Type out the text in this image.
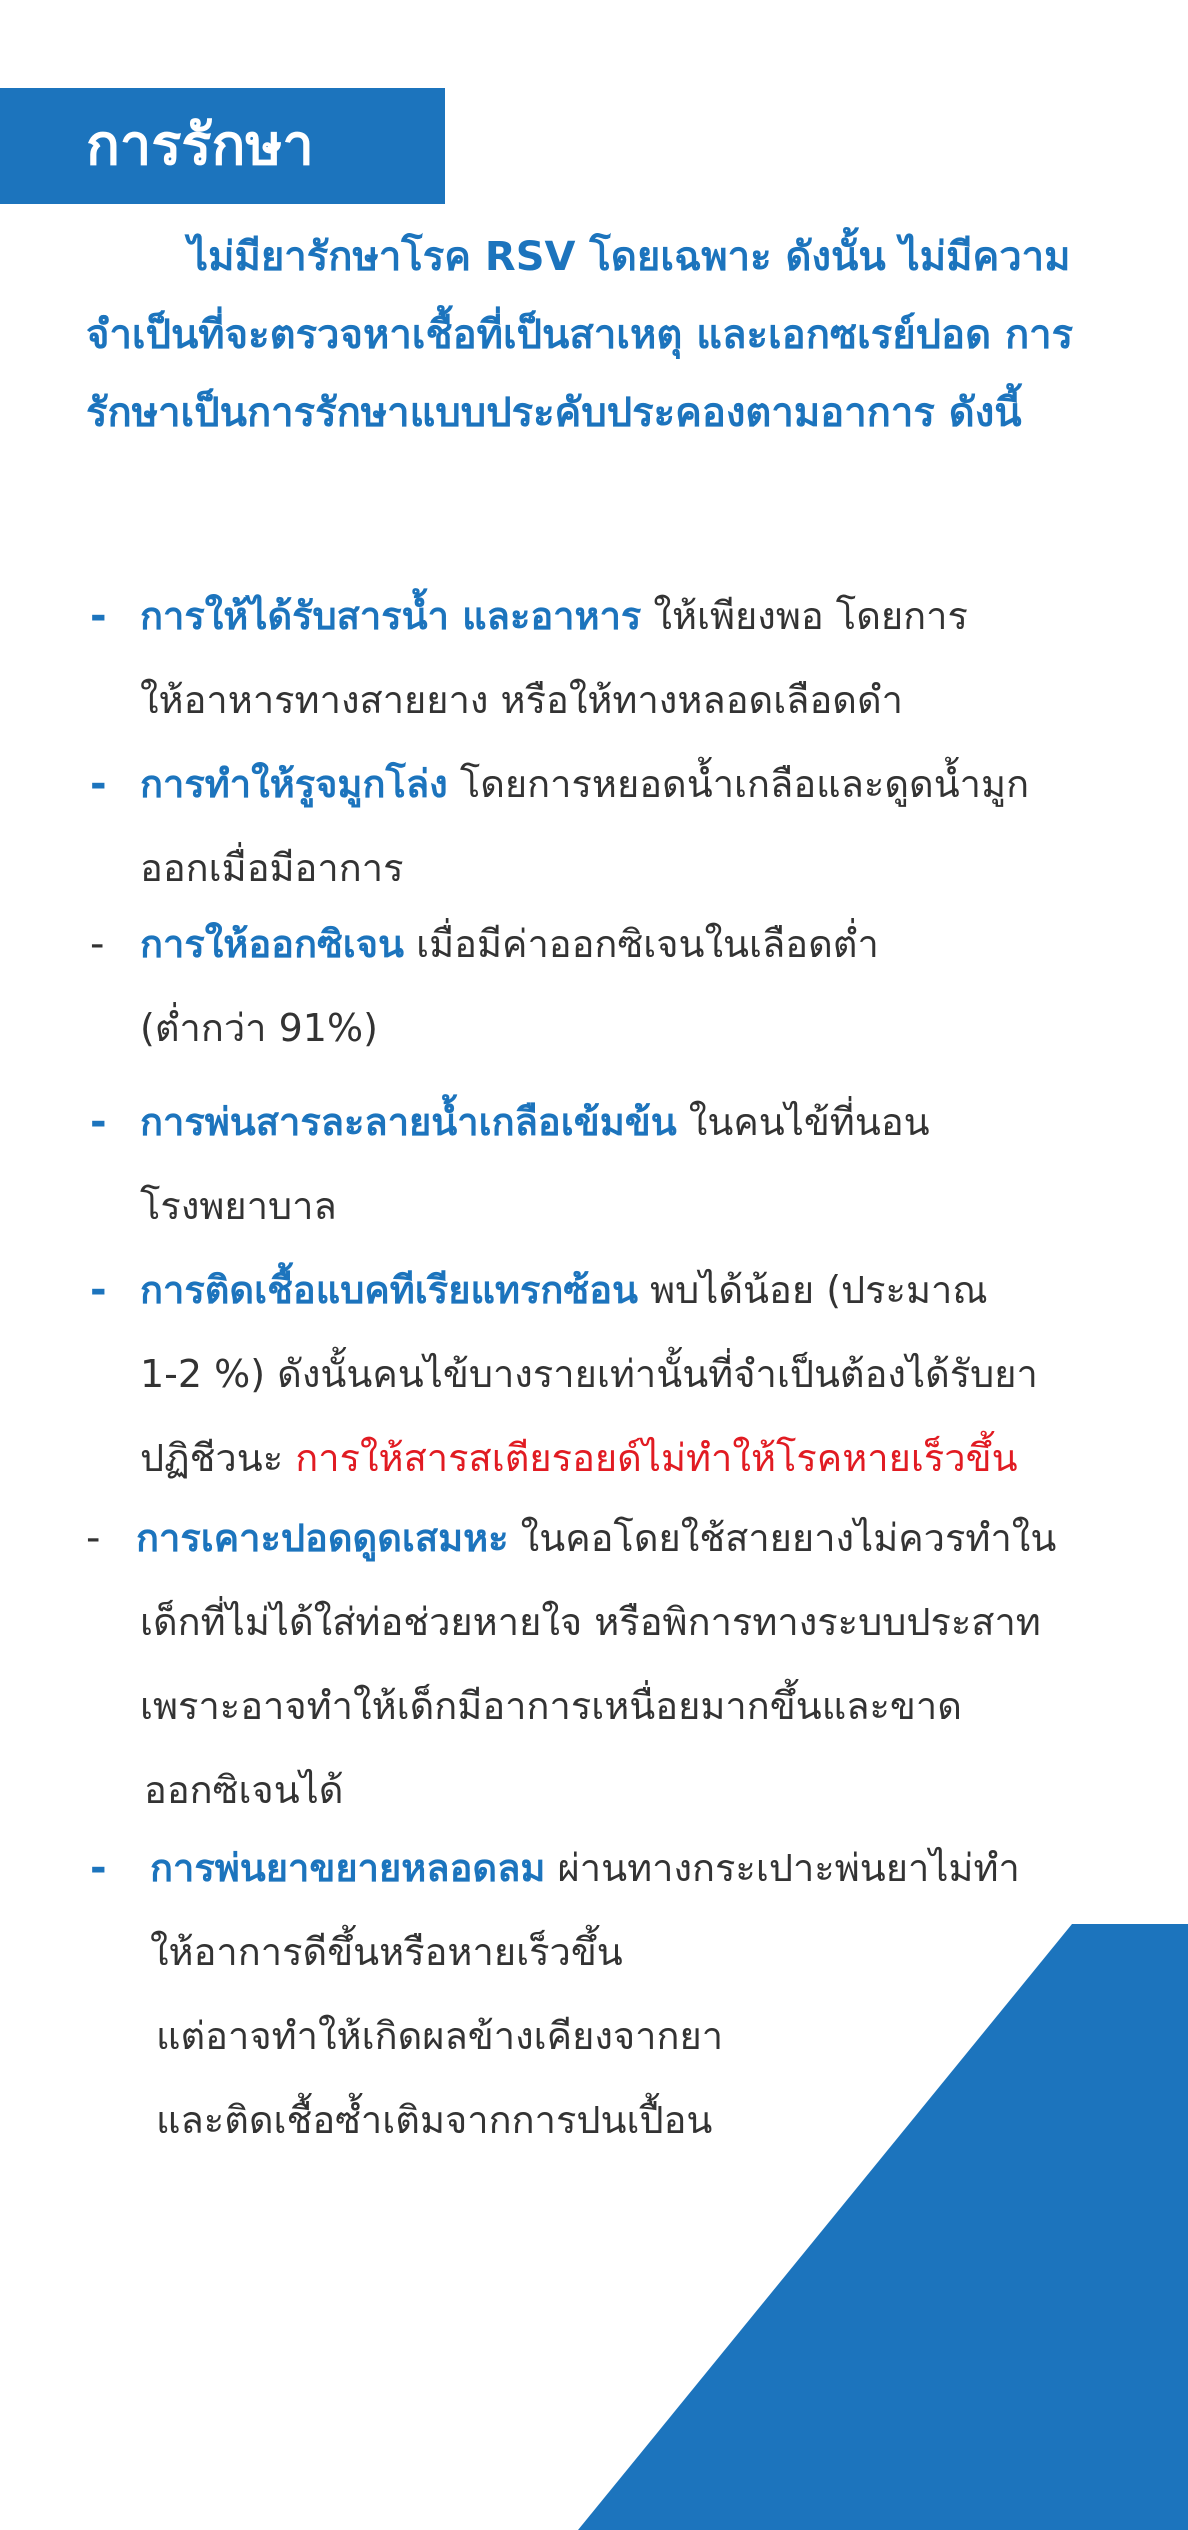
การรักษา

ไม่มียารักษาโรค RSV โดยเฉพาะ ดังนั้น ไม่มีความจำเป็นที่จะตรวจหาเชื้อที่เป็นสาเหตุ และเอกซเรย์ปอด การรักษาเป็นการรักษาแบบประคับประคองตามอาการ ดังนี้

- การให้ได้รับสารน้ำ และอาหาร ให้เพียงพอ โดยการ
ให้อาหารทางสายยาง หรือให้ทางหลอดเลือดดำ
- การทำให้รูจมูกโล่ง โดยการหยอดน้ำเกลือและดูดน้ำมูก
ออกเมื่อมีอาการ
- การให้ออกซิเจน เมื่อมีค่าออกซิเจนในเลือดต่ำ
(ต่ำกว่า 91%)
- การพ่นสารละลายน้ำเกลือเข้มข้น ในคนไข้ที่นอน
โรงพยาบาล
- การติดเชื้อแบคทีเรียแทรกซ้อน พบได้น้อย (ประมาณ
1-2 %) ดังนั้นคนไข้บางรายเท่านั้นที่จำเป็นต้องได้รับยา
ปฏิชีวนะ การให้สารสเตียรอยด์ไม่ทำให้โรคหายเร็วขึ้น
- การเคาะปอดดูดเสมหะ ในคอโดยใช้สายยางไม่ควรทำใน
เด็กที่ไม่ได้ใส่ท่อช่วยหายใจ หรือพิการทางระบบประสาท
เพราะอาจทำให้เด็กมีอาการเหนื่อยมากขึ้นและขาด
ออกซิเจนได้
- การพ่นยาขยายหลอดลม ผ่านทางกระเปาะพ่นยาไม่ทำ
ให้อาการดีขึ้นหรือหายเร็วขึ้น
แต่อาจทำให้เกิดผลข้างเคียงจากยา
และติดเชื้อซ้ำเติมจากการปนเปื้อน
